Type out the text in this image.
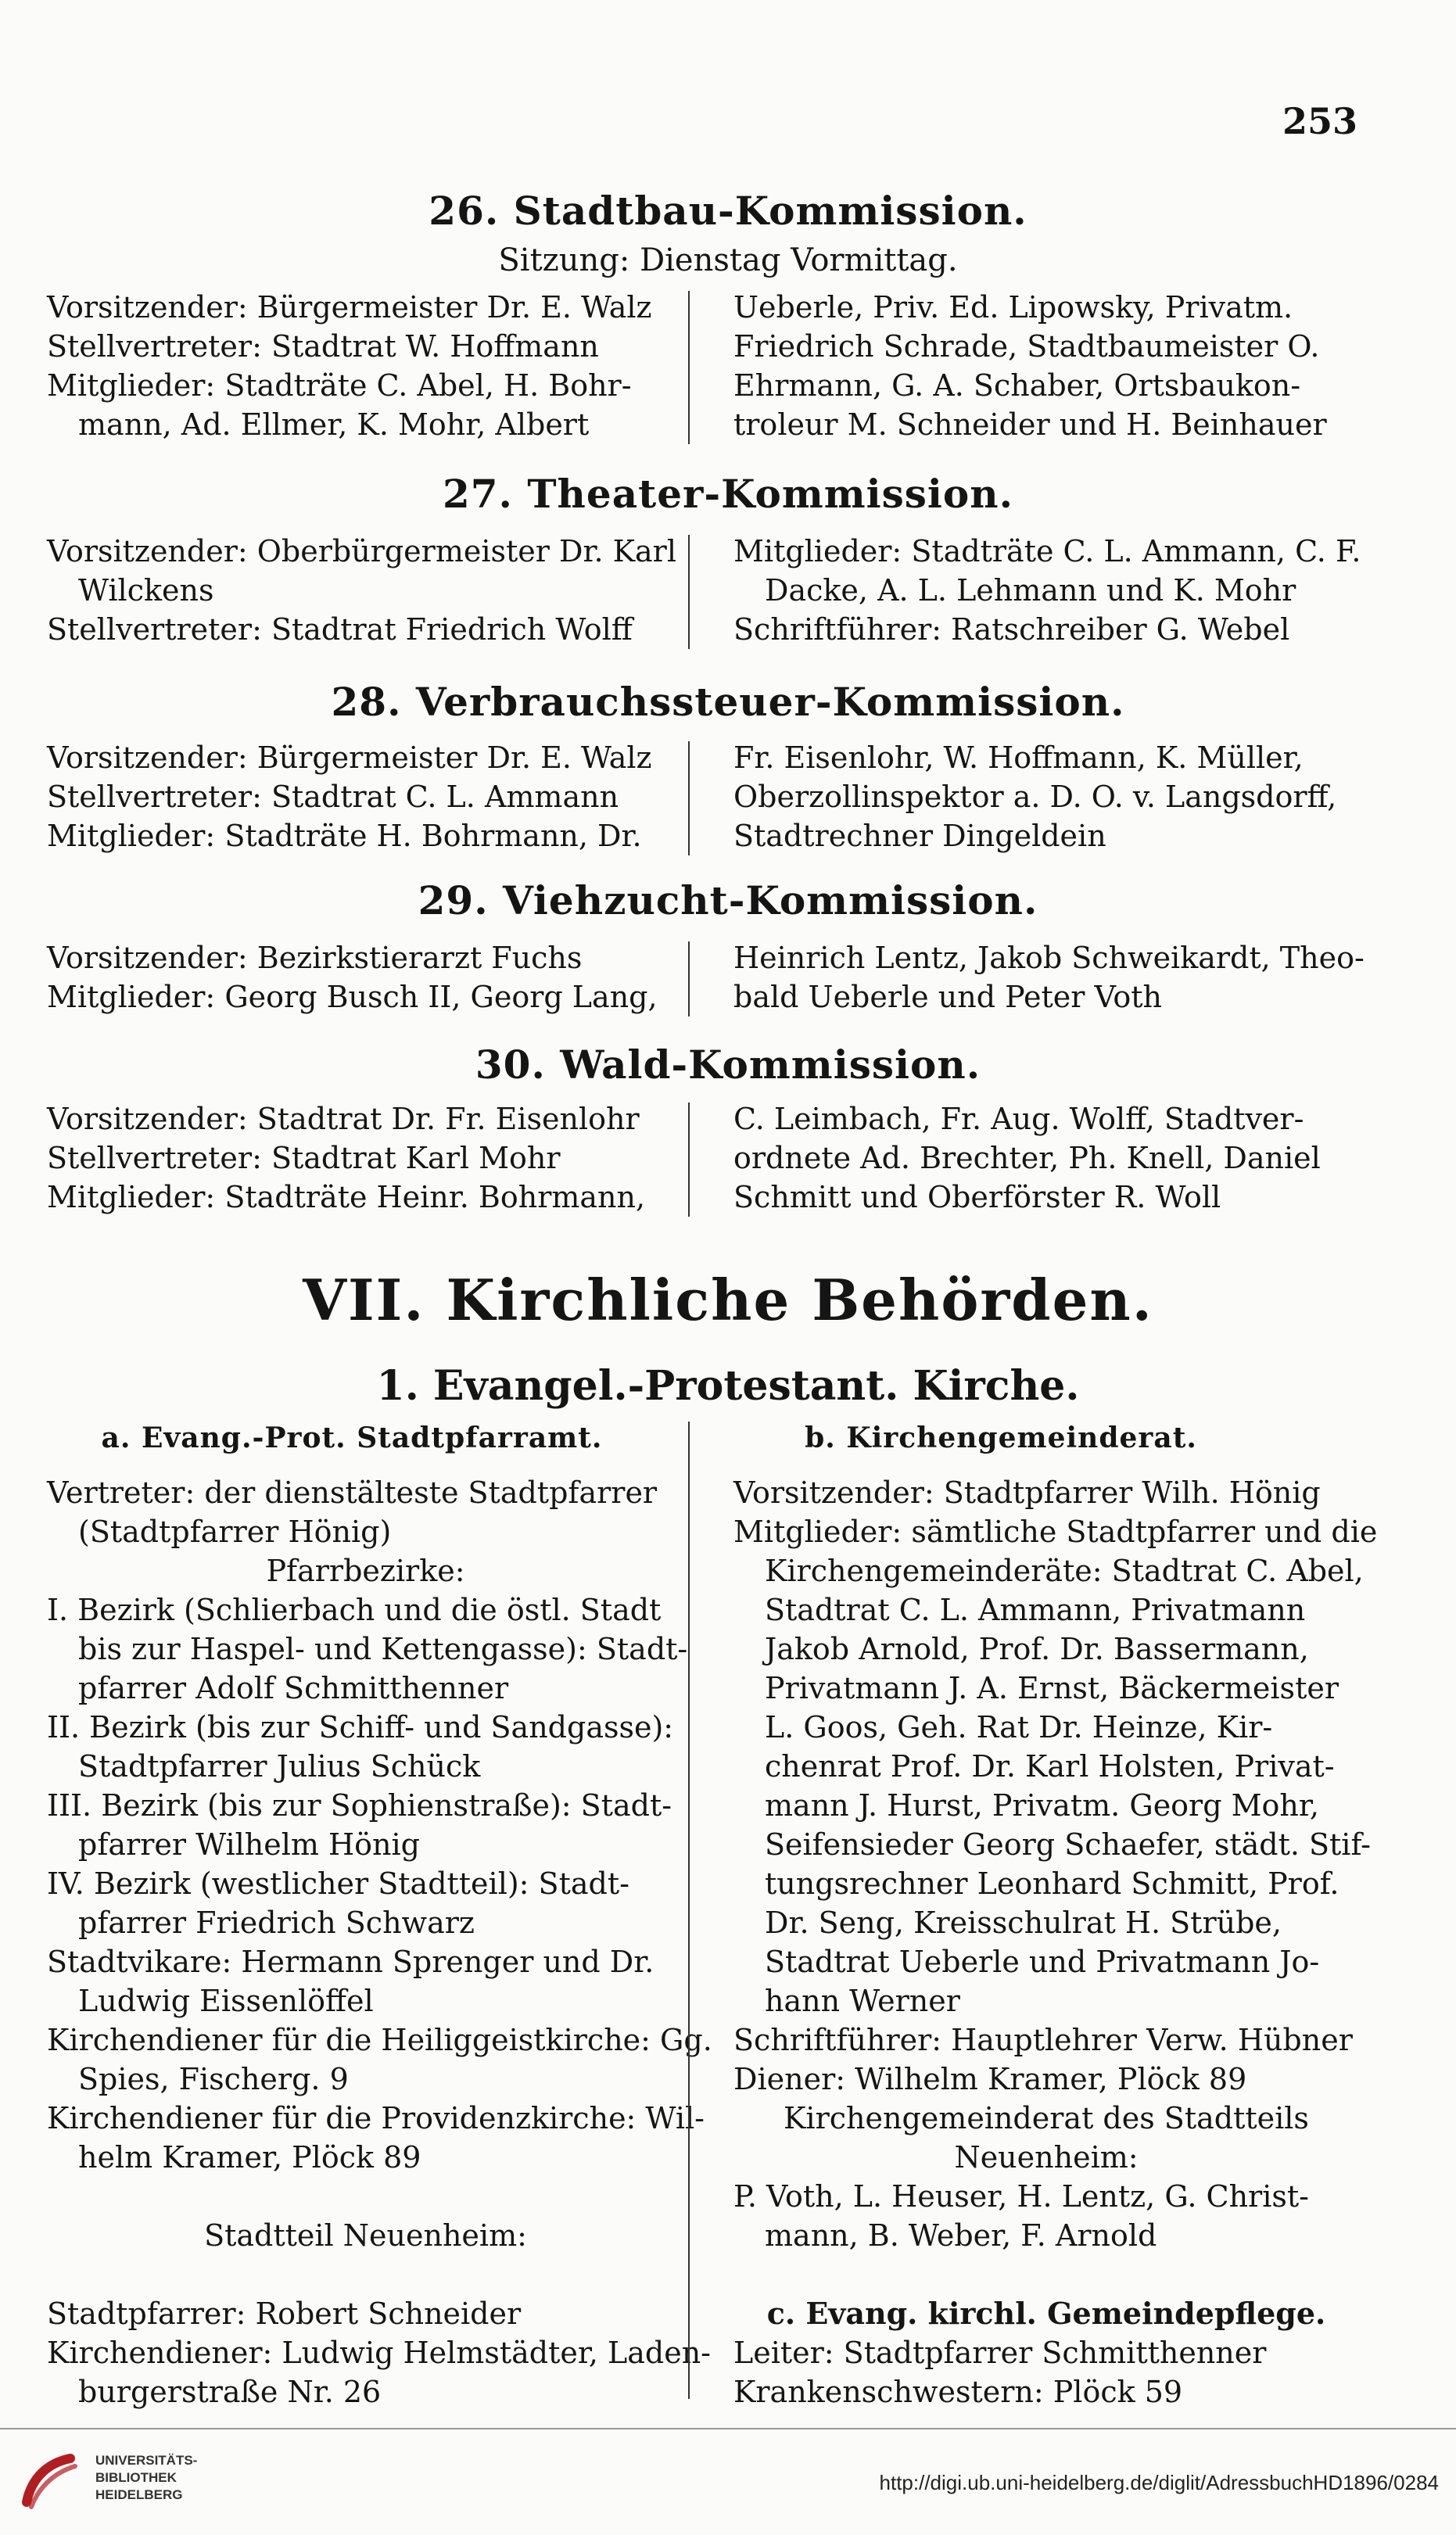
253
26. Stadtbau-Kommission.
Sitzung: Dienstag Vormittag.
Vorsitzender: Bürgermeister Dr. E. Walz
Stellvertreter: Stadtrat W. Hoffmann
Mitglieder: Stadträte C. Abel, H. Bohr-
mann, Ad. Ellmer, K. Mohr, Albert
Ueberle, Priv. Ed. Lipowsky, Privatm.
Friedrich Schrade, Stadtbaumeister O.
Ehrmann, G. A. Schaber, Ortsbaukon-
troleur M. Schneider und H. Beinhauer
27. Theater-Kommission.
Vorsitzender: Oberbürgermeister Dr. Karl
Wilckens
Stellvertreter: Stadtrat Friedrich Wolff
Mitglieder: Stadträte C. L. Ammann, C. F.
Dacke, A. L. Lehmann und K. Mohr
Schriftführer: Ratschreiber G. Webel
28. Verbrauchssteuer-Kommission.
Vorsitzender: Bürgermeister Dr. E. Walz
Stellvertreter: Stadtrat C. L. Ammann
Mitglieder: Stadträte H. Bohrmann, Dr.
Fr. Eisenlohr, W. Hoffmann, K. Müller,
Oberzollinspektor a. D. O. v. Langsdorff,
Stadtrechner Dingeldein
29. Viehzucht-Kommission.
Vorsitzender: Bezirkstierarzt Fuchs
Mitglieder: Georg Busch II, Georg Lang,
Heinrich Lentz, Jakob Schweikardt, Theo-
bald Ueberle und Peter Voth
30. Wald-Kommission.
Vorsitzender: Stadtrat Dr. Fr. Eisenlohr
Stellvertreter: Stadtrat Karl Mohr
Mitglieder: Stadträte Heinr. Bohrmann,
C. Leimbach, Fr. Aug. Wolff, Stadtver-
ordnete Ad. Brechter, Ph. Knell, Daniel
Schmitt und Oberförster R. Woll
VII. Kirchliche Behörden.
1. Evangel.-Protestant. Kirche.
a. Evang.-Prot. Stadtpfarramt.	b. Kirchengemeinderat.
Vertreter: der dienstälteste Stadtpfarrer
(Stadtpfarrer Hönig)
Pfarrbezirke:
I. Bezirk (Schlierbach und die östl. Stadt
bis zur Haspel- und Kettengasse): Stadt-
pfarrer Adolf Schmitthenner
II. Bezirk (bis zur Schiff- und Sandgasse):
Stadtpfarrer Julius Schück
III. Bezirk (bis zur Sophienstraße): Stadt-
pfarrer Wilhelm Hönig
IV. Bezirk (westlicher Stadtteil): Stadt-
pfarrer Friedrich Schwarz
Stadtvikare: Hermann Sprenger und Dr.
Ludwig Eissenlöffel
Kirchendiener für die Heiliggeistkirche: Gg.
Spies, Fischerg. 9
Kirchendiener für die Providenzkirche: Wil-
helm Kramer, Plöck 89
Stadtteil Neuenheim:
Stadtpfarrer: Robert Schneider
Kirchendiener: Ludwig Helmstädter, Laden-
burgerstraße Nr. 26
Vorsitzender: Stadtpfarrer Wilh. Hönig
Mitglieder: sämtliche Stadtpfarrer und die
Kirchengemeinderäte: Stadtrat C. Abel,
Stadtrat C. L. Ammann, Privatmann
Jakob Arnold, Prof. Dr. Bassermann,
Privatmann J. A. Ernst, Bäckermeister
L. Goos, Geh. Rat Dr. Heinze, Kir-
chenrat Prof. Dr. Karl Holsten, Privat-
mann J. Hurst, Privatm. Georg Mohr,
Seifensieder Georg Schaefer, städt. Stif-
tungsrechner Leonhard Schmitt, Prof.
Dr. Seng, Kreisschulrat H. Strübe,
Stadtrat Ueberle und Privatmann Jo-
hann Werner
Schriftführer: Hauptlehrer Verw. Hübner
Diener: Wilhelm Kramer, Plöck 89
Kirchengemeinderat des Stadtteils
Neuenheim:
P. Voth, L. Heuser, H. Lentz, G. Christ-
mann, B. Weber, F. Arnold
c. Evang. kirchl. Gemeindepflege.
Leiter: Stadtpfarrer Schmitthenner
Krankenschwestern: Plöck 59
UNIVERSITÄTS-
BIBLIOTHEK
HEIDELBERG
http://digi.ub.uni-heidelberg.de/diglit/AdressbuchHD1896/0284
